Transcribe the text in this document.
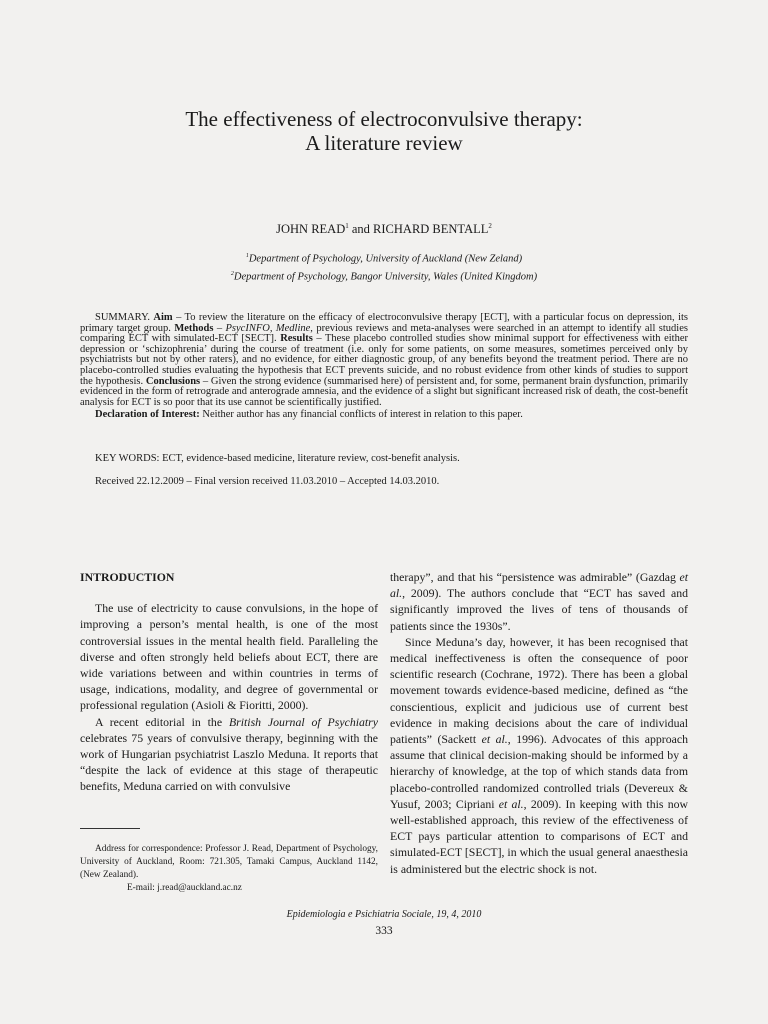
The effectiveness of electroconvulsive therapy:
A literature review
JOHN READ$^1$ and RICHARD BENTALL$^2$
$^1$Department of Psychology, University of Auckland (New Zeland)
$^2$Department of Psychology, Bangor University, Wales (United Kingdom)

SUMMARY. Aim – To review the literature on the efficacy of electroconvulsive therapy [ECT], with a particular focus on depression, its primary target group. Methods – PsycINFO, Medline, previous reviews and meta-analyses were searched in an attempt to identify all studies comparing ECT with simulated-ECT [SECT]. Results – These placebo controlled studies show minimal support for effectiveness with either depression or ‘schizophrenia’ during the course of treatment (i.e. only for some patients, on some measures, sometimes perceived only by psychiatrists but not by other raters), and no evidence, for either diagnostic group, of any benefits beyond the treatment period. There are no placebo-controlled studies evaluating the hypothesis that ECT prevents suicide, and no robust evidence from other kinds of studies to support the hypothesis. Conclusions – Given the strong evidence (summarised here) of persistent and, for some, permanent brain dysfunction, primarily evidenced in the form of retrograde and anterograde amnesia, and the evidence of a slight but significant increased risk of death, the cost-benefit analysis for ECT is so poor that its use cannot be scientifically justified.

Declaration of Interest: Neither author has any financial conflicts of interest in relation to this paper.

KEY WORDS: ECT, evidence-based medicine, literature review, cost-benefit analysis.
Received 22.12.2009 – Final version received 11.03.2010 – Accepted 14.03.2010.
INTRODUCTION

The use of electricity to cause convulsions, in the hope of improving a person’s mental health, is one of the most controversial issues in the mental health field. Paralleling the diverse and often strongly held beliefs about ECT, there are wide variations between and within countries in terms of usage, indications, modality, and degree of governmental or professional regulation (Asioli & Fioritti, 2000).

A recent editorial in the British Journal of Psychiatry celebrates 75 years of convulsive therapy, beginning with the work of Hungarian psychiatrist Laszlo Meduna. It reports that “despite the lack of evidence at this stage of therapeutic benefits, Meduna carried on with convulsive

therapy”, and that his “persistence was admirable” (Gazdag et al., 2009). The authors conclude that “ECT has saved and significantly improved the lives of tens of thousands of patients since the 1930s”.

Since Meduna’s day, however, it has been recognised that medical ineffectiveness is often the consequence of poor scientific research (Cochrane, 1972). There has been a global movement towards evidence-based medicine, defined as “the conscientious, explicit and judicious use of current best evidence in making decisions about the care of individual patients” (Sackett et al., 1996). Advocates of this approach assume that clinical decision-making should be informed by a hierarchy of knowledge, at the top of which stands data from placebo-controlled randomized controlled trials (Devereux & Yusuf, 2003; Cipriani et al., 2009). In keeping with this now well-established approach, this review of the effectiveness of ECT pays particular attention to comparisons of ECT and simulated-ECT [SECT], in which the usual general anaesthesia is administered but the electric shock is not.

Address for correspondence: Professor J. Read, Department of Psychology, University of Auckland, Room: 721.305, Tamaki Campus, Auckland 1142, (New Zealand).

E-mail: j.read@auckland.ac.nz

Epidemiologia e Psichiatria Sociale, 19, 4, 2010
333
